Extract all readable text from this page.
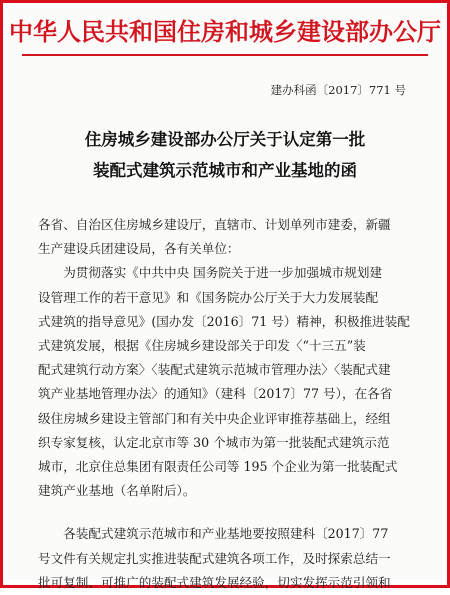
中华人民共和国住房和城乡建设部办公厅
建办科函〔2017〕771 号
住房城乡建设部办公厅关于认定第一批
装配式建筑示范城市和产业基地的函

各省、自治区住房城乡建设厅，直辖市、计划单列市建委，新疆

生产建设兵团建设局，各有关单位：

　　为贯彻落实《中共中央 国务院关于进一步加强城市规划建

设管理工作的若干意见》和《国务院办公厅关于大力发展装配

式建筑的指导意见》(国办发〔2016〕71 号）精神，积极推进装配

式建筑发展，根据《住房城乡建设部关于印发〈“十三五”装

配式建筑行动方案〉〈装配式建筑示范城市管理办法〉〈装配式建

筑产业基地管理办法〉的通知》（建科〔2017〕77 号），在各省

级住房城乡建设主管部门和有关中央企业评审推荐基础上，经组

织专家复核，认定北京市等 30 个城市为第一批装配式建筑示范

城市，北京住总集团有限责任公司等 195 个企业为第一批装配式

建筑产业基地（名单附后）。

　　各装配式建筑示范城市和产业基地要按照建科〔2017〕77

号文件有关规定扎实推进装配式建筑各项工作，及时探索总结一

批可复制、可推广的装配式建筑发展经验，切实发挥示范引领和
